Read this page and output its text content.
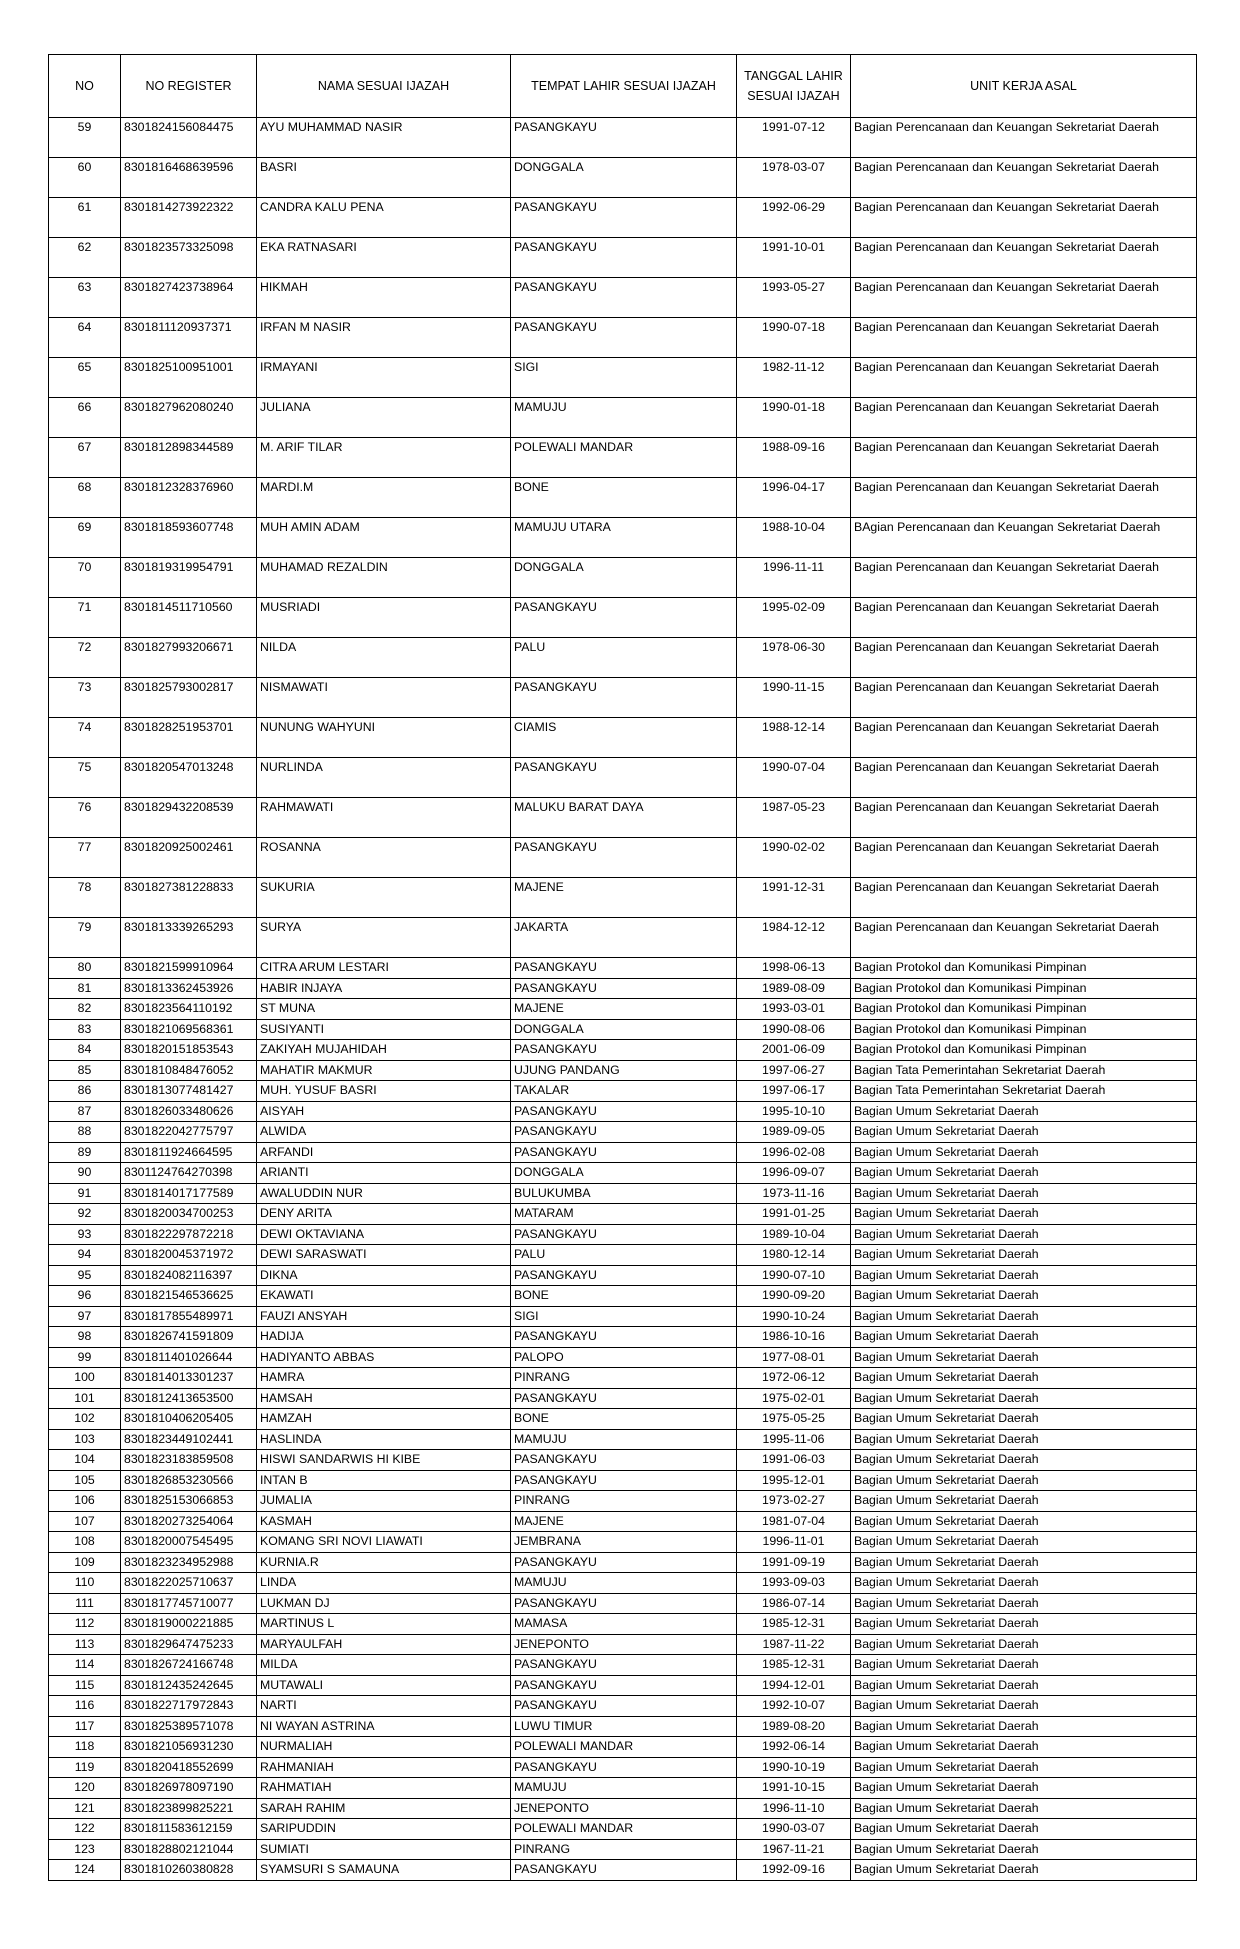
NO	NO REGISTER	NAMA SESUAI IJAZAH	TEMPAT LAHIR SESUAI IJAZAH	TANGGAL LAHIR SESUAI IJAZAH	UNIT KERJA ASAL
59	8301824156084475	AYU MUHAMMAD NASIR	PASANGKAYU	1991-07-12	Bagian Perencanaan dan Keuangan Sekretariat Daerah
60	8301816468639596	BASRI	DONGGALA	1978-03-07	Bagian Perencanaan dan Keuangan Sekretariat Daerah
61	8301814273922322	CANDRA KALU PENA	PASANGKAYU	1992-06-29	Bagian Perencanaan dan Keuangan Sekretariat Daerah
62	8301823573325098	EKA RATNASARI	PASANGKAYU	1991-10-01	Bagian Perencanaan dan Keuangan Sekretariat Daerah
63	8301827423738964	HIKMAH	PASANGKAYU	1993-05-27	Bagian Perencanaan dan Keuangan Sekretariat Daerah
64	8301811120937371	IRFAN M NASIR	PASANGKAYU	1990-07-18	Bagian Perencanaan dan Keuangan Sekretariat Daerah
65	8301825100951001	IRMAYANI	SIGI	1982-11-12	Bagian Perencanaan dan Keuangan Sekretariat Daerah
66	8301827962080240	JULIANA	MAMUJU	1990-01-18	Bagian Perencanaan dan Keuangan Sekretariat Daerah
67	8301812898344589	M. ARIF TILAR	POLEWALI MANDAR	1988-09-16	Bagian Perencanaan dan Keuangan Sekretariat Daerah
68	8301812328376960	MARDI.M	BONE	1996-04-17	Bagian Perencanaan dan Keuangan Sekretariat Daerah
69	8301818593607748	MUH AMIN ADAM	MAMUJU UTARA	1988-10-04	BAgian Perencanaan dan Keuangan Sekretariat Daerah
70	8301819319954791	MUHAMAD REZALDIN	DONGGALA	1996-11-11	Bagian Perencanaan dan Keuangan Sekretariat Daerah
71	8301814511710560	MUSRIADI	PASANGKAYU	1995-02-09	Bagian Perencanaan dan Keuangan Sekretariat Daerah
72	8301827993206671	NILDA	PALU	1978-06-30	Bagian Perencanaan dan Keuangan Sekretariat Daerah
73	8301825793002817	NISMAWATI	PASANGKAYU	1990-11-15	Bagian Perencanaan dan Keuangan Sekretariat Daerah
74	8301828251953701	NUNUNG WAHYUNI	CIAMIS	1988-12-14	Bagian Perencanaan dan Keuangan Sekretariat Daerah
75	8301820547013248	NURLINDA	PASANGKAYU	1990-07-04	Bagian Perencanaan dan Keuangan Sekretariat Daerah
76	8301829432208539	RAHMAWATI	MALUKU BARAT DAYA	1987-05-23	Bagian Perencanaan dan Keuangan Sekretariat Daerah
77	8301820925002461	ROSANNA	PASANGKAYU	1990-02-02	Bagian Perencanaan dan Keuangan Sekretariat Daerah
78	8301827381228833	SUKURIA	MAJENE	1991-12-31	Bagian Perencanaan dan Keuangan Sekretariat Daerah
79	8301813339265293	SURYA	JAKARTA	1984-12-12	Bagian Perencanaan dan Keuangan Sekretariat Daerah
80	8301821599910964	CITRA ARUM LESTARI	PASANGKAYU	1998-06-13	Bagian Protokol dan Komunikasi Pimpinan
81	8301813362453926	HABIR INJAYA	PASANGKAYU	1989-08-09	Bagian Protokol dan Komunikasi Pimpinan
82	8301823564110192	ST MUNA	MAJENE	1993-03-01	Bagian Protokol dan Komunikasi Pimpinan
83	8301821069568361	SUSIYANTI	DONGGALA	1990-08-06	Bagian Protokol dan Komunikasi Pimpinan
84	8301820151853543	ZAKIYAH MUJAHIDAH	PASANGKAYU	2001-06-09	Bagian Protokol dan Komunikasi Pimpinan
85	8301810848476052	MAHATIR MAKMUR	UJUNG PANDANG	1997-06-27	Bagian Tata Pemerintahan Sekretariat Daerah
86	8301813077481427	MUH. YUSUF BASRI	TAKALAR	1997-06-17	Bagian Tata Pemerintahan Sekretariat Daerah
87	8301826033480626	AISYAH	PASANGKAYU	1995-10-10	Bagian Umum Sekretariat Daerah
88	8301822042775797	ALWIDA	PASANGKAYU	1989-09-05	Bagian Umum Sekretariat Daerah
89	8301811924664595	ARFANDI	PASANGKAYU	1996-02-08	Bagian Umum Sekretariat Daerah
90	8301124764270398	ARIANTI	DONGGALA	1996-09-07	Bagian Umum Sekretariat Daerah
91	8301814017177589	AWALUDDIN NUR	BULUKUMBA	1973-11-16	Bagian Umum Sekretariat Daerah
92	8301820034700253	DENY ARITA	MATARAM	1991-01-25	Bagian Umum Sekretariat Daerah
93	8301822297872218	DEWI OKTAVIANA	PASANGKAYU	1989-10-04	Bagian Umum Sekretariat Daerah
94	8301820045371972	DEWI SARASWATI	PALU	1980-12-14	Bagian Umum Sekretariat Daerah
95	8301824082116397	DIKNA	PASANGKAYU	1990-07-10	Bagian Umum Sekretariat Daerah
96	8301821546536625	EKAWATI	BONE	1990-09-20	Bagian Umum Sekretariat Daerah
97	8301817855489971	FAUZI ANSYAH	SIGI	1990-10-24	Bagian Umum Sekretariat Daerah
98	8301826741591809	HADIJA	PASANGKAYU	1986-10-16	Bagian Umum Sekretariat Daerah
99	8301811401026644	HADIYANTO ABBAS	PALOPO	1977-08-01	Bagian Umum Sekretariat Daerah
100	8301814013301237	HAMRA	PINRANG	1972-06-12	Bagian Umum Sekretariat Daerah
101	8301812413653500	HAMSAH	PASANGKAYU	1975-02-01	Bagian Umum Sekretariat Daerah
102	8301810406205405	HAMZAH	BONE	1975-05-25	Bagian Umum Sekretariat Daerah
103	8301823449102441	HASLINDA	MAMUJU	1995-11-06	Bagian Umum Sekretariat Daerah
104	8301823183859508	HISWI SANDARWIS HI KIBE	PASANGKAYU	1991-06-03	Bagian Umum Sekretariat Daerah
105	8301826853230566	INTAN B	PASANGKAYU	1995-12-01	Bagian Umum Sekretariat Daerah
106	8301825153066853	JUMALIA	PINRANG	1973-02-27	Bagian Umum Sekretariat Daerah
107	8301820273254064	KASMAH	MAJENE	1981-07-04	Bagian Umum Sekretariat Daerah
108	8301820007545495	KOMANG SRI NOVI LIAWATI	JEMBRANA	1996-11-01	Bagian Umum Sekretariat Daerah
109	8301823234952988	KURNIA.R	PASANGKAYU	1991-09-19	Bagian Umum Sekretariat Daerah
110	8301822025710637	LINDA	MAMUJU	1993-09-03	Bagian Umum Sekretariat Daerah
111	8301817745710077	LUKMAN DJ	PASANGKAYU	1986-07-14	Bagian Umum Sekretariat Daerah
112	8301819000221885	MARTINUS L	MAMASA	1985-12-31	Bagian Umum Sekretariat Daerah
113	8301829647475233	MARYAULFAH	JENEPONTO	1987-11-22	Bagian Umum Sekretariat Daerah
114	8301826724166748	MILDA	PASANGKAYU	1985-12-31	Bagian Umum Sekretariat Daerah
115	8301812435242645	MUTAWALI	PASANGKAYU	1994-12-01	Bagian Umum Sekretariat Daerah
116	8301822717972843	NARTI	PASANGKAYU	1992-10-07	Bagian Umum Sekretariat Daerah
117	8301825389571078	NI WAYAN ASTRINA	LUWU TIMUR	1989-08-20	Bagian Umum Sekretariat Daerah
118	8301821056931230	NURMALIAH	POLEWALI MANDAR	1992-06-14	Bagian Umum Sekretariat Daerah
119	8301820418552699	RAHMANIAH	PASANGKAYU	1990-10-19	Bagian Umum Sekretariat Daerah
120	8301826978097190	RAHMATIAH	MAMUJU	1991-10-15	Bagian Umum Sekretariat Daerah
121	8301823899825221	SARAH RAHIM	JENEPONTO	1996-11-10	Bagian Umum Sekretariat Daerah
122	8301811583612159	SARIPUDDIN	POLEWALI MANDAR	1990-03-07	Bagian Umum Sekretariat Daerah
123	8301828802121044	SUMIATI	PINRANG	1967-11-21	Bagian Umum Sekretariat Daerah
124	8301810260380828	SYAMSURI S SAMAUNA	PASANGKAYU	1992-09-16	Bagian Umum Sekretariat Daerah
